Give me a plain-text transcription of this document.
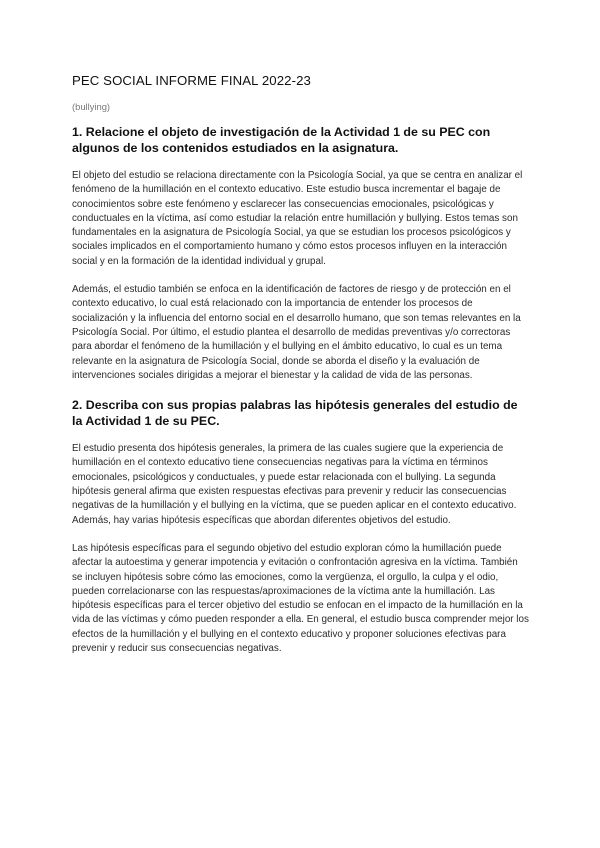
PEC SOCIAL INFORME FINAL 2022-23
(bullying)
1. Relacione el objeto de investigación de la Actividad 1 de su PEC con algunos de los contenidos estudiados en la asignatura.

El objeto del estudio se relaciona directamente con la Psicología Social, ya que se centra en analizar el fenómeno de la humillación en el contexto educativo. Este estudio busca incrementar el bagaje de conocimientos sobre este fenómeno y esclarecer las consecuencias emocionales, psicológicas y conductuales en la víctima, así como estudiar la relación entre humillación y bullying. Estos temas son fundamentales en la asignatura de Psicología Social, ya que se estudian los procesos psicológicos y sociales implicados en el comportamiento humano y cómo estos procesos influyen en la interacción social y en la formación de la identidad individual y grupal.

Además, el estudio también se enfoca en la identificación de factores de riesgo y de protección en el contexto educativo, lo cual está relacionado con la importancia de entender los procesos de socialización y la influencia del entorno social en el desarrollo humano, que son temas relevantes en la Psicología Social. Por último, el estudio plantea el desarrollo de medidas preventivas y/o correctoras para abordar el fenómeno de la humillación y el bullying en el ámbito educativo, lo cual es un tema relevante en la asignatura de Psicología Social, donde se aborda el diseño y la evaluación de intervenciones sociales dirigidas a mejorar el bienestar y la calidad de vida de las personas.

2. Describa con sus propias palabras las hipótesis generales del estudio de la Actividad 1 de su PEC.

El estudio presenta dos hipótesis generales, la primera de las cuales sugiere que la experiencia de humillación en el contexto educativo tiene consecuencias negativas para la víctima en términos emocionales, psicológicos y conductuales, y puede estar relacionada con el bullying. La segunda hipótesis general afirma que existen respuestas efectivas para prevenir y reducir las consecuencias negativas de la humillación y el bullying en la víctima, que se pueden aplicar en el contexto educativo. Además, hay varias hipótesis específicas que abordan diferentes objetivos del estudio.

Las hipótesis específicas para el segundo objetivo del estudio exploran cómo la humillación puede afectar la autoestima y generar impotencia y evitación o confrontación agresiva en la víctima. También se incluyen hipótesis sobre cómo las emociones, como la vergüenza, el orgullo, la culpa y el odio, pueden correlacionarse con las respuestas/aproximaciones de la víctima ante la humillación. Las hipótesis específicas para el tercer objetivo del estudio se enfocan en el impacto de la humillación en la vida de las víctimas y cómo pueden responder a ella. En general, el estudio busca comprender mejor los efectos de la humillación y el bullying en el contexto educativo y proponer soluciones efectivas para prevenir y reducir sus consecuencias negativas.
